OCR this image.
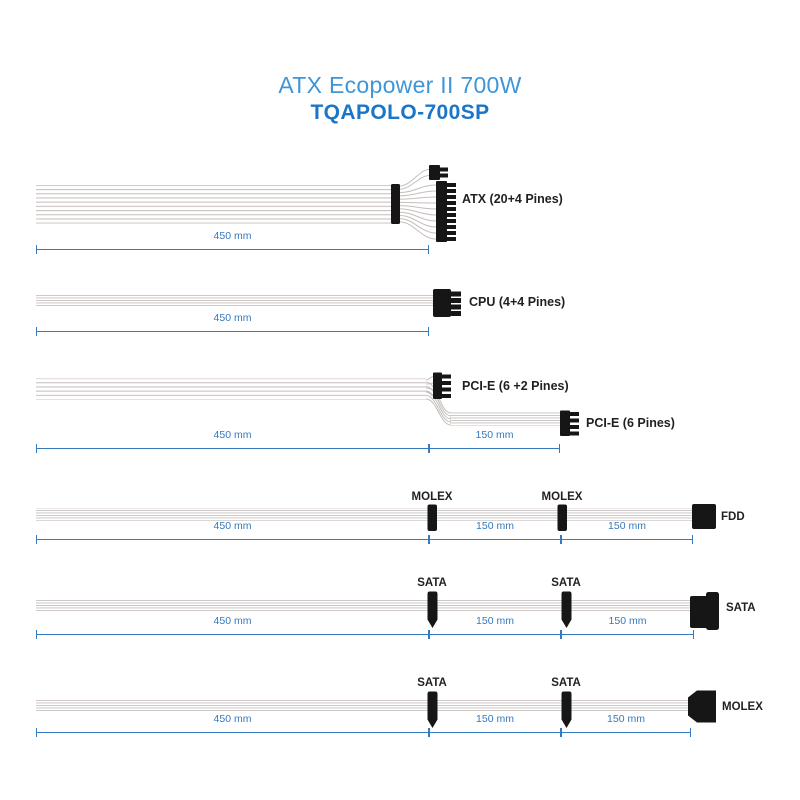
ATX Ecopower II 700W
TQAPOLO-700SP
ATX (20+4 Pines)
CPU (4+4 Pines)
PCI-E (6 +2 Pines)
PCI-E (6 Pines)
MOLEX	MOLEX
FDD
SATA	SATA
SATA
SATA	SATA
MOLEX
450 mm
450 mm
450 mm	150 mm
450 mm	150 mm	150 mm
450 mm	150 mm	150 mm
450 mm	150 mm	150 mm
